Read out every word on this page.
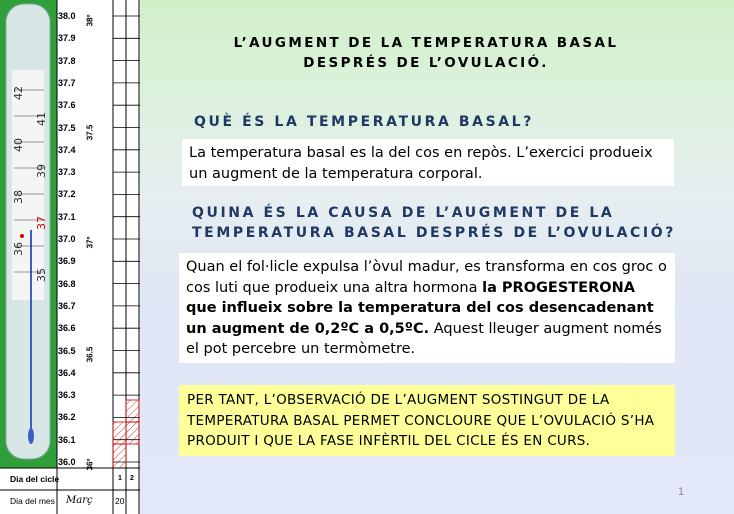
42
40
38
36
41
39
37
35
38.0
37.9
37.8
37.7
37.6
37.5
37.4
37.3
37.2
37.1
37.0
36.9
36.8
36.7
36.6
36.5
36.4
36.3
36.2
36.1
36.0
38º
37.5
37º
36.5
36º
Dia del cicle	1 2
Dia del mes Març	20
L’AUGMENT DE LA TEMPERATURA BASAL
DESPRÉS DE L’OVULACIÓ.
QUÈ ÉS LA TEMPERATURA BASAL?
La temperatura basal es la del cos en repòs. L’exercici produeix un augment de la temperatura corporal.
QUINA ÉS LA CAUSA DE L’AUGMENT DE LA
TEMPERATURA BASAL DESPRÉS DE L’OVULACIÓ?
Quan el fol·licle expulsa l’òvul madur, es transforma en cos groc o cos luti que produeix una altra hormona la PROGESTERONA que influeix sobre la temperatura del cos desencadenant un augment de 0,2ºC a 0,5ºC. Aquest lleuger augment només el pot percebre un termòmetre.
PER TANT, L’OBSERVACIÓ DE L’AUGMENT SOSTINGUT DE LA TEMPERATURA BASAL PERMET CONCLOURE QUE L’OVULACIÓ S’HA PRODUIT I QUE LA FASE INFÈRTIL DEL CICLE ÉS EN CURS.
1
